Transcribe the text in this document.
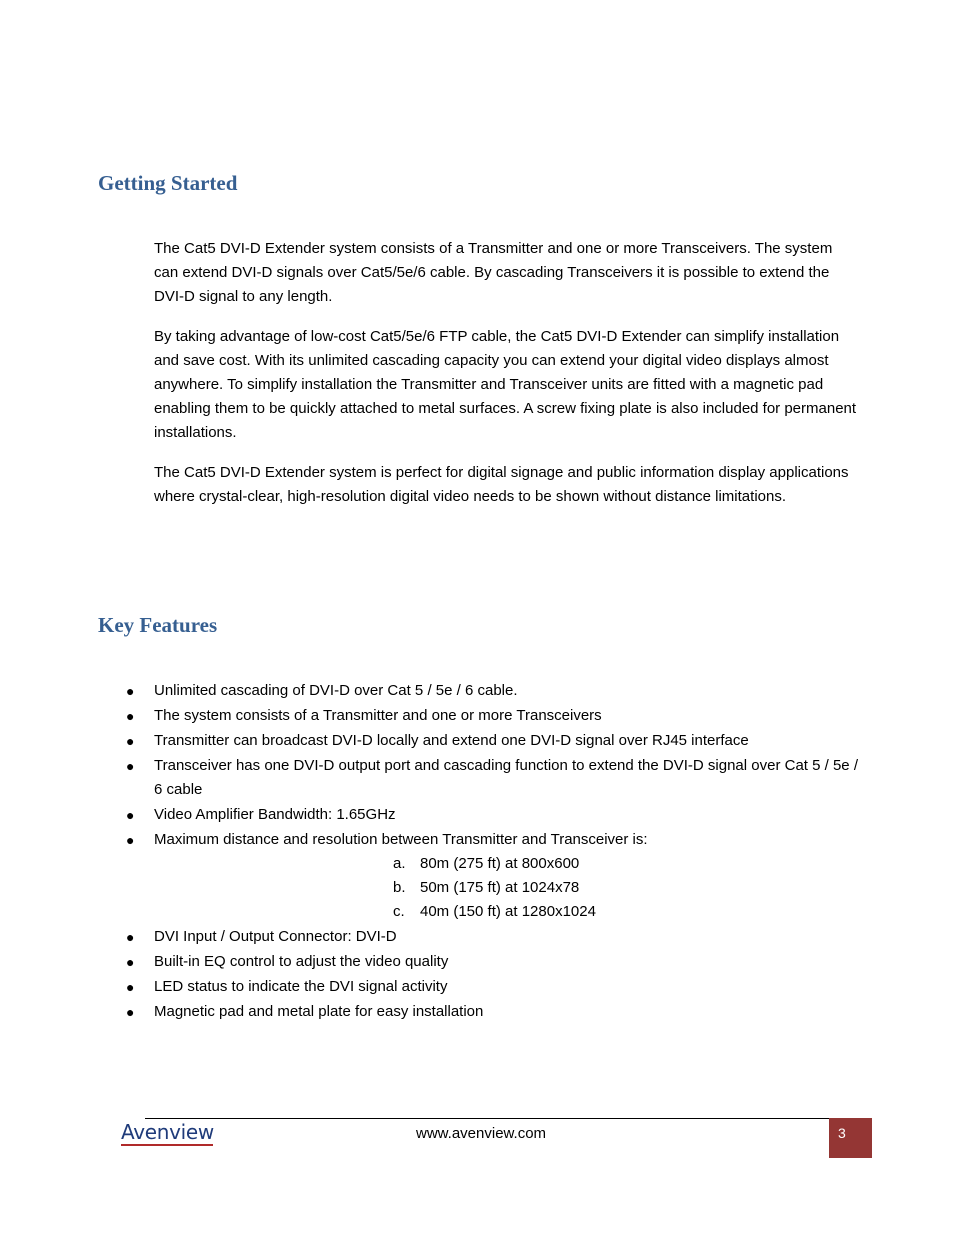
Getting Started

The Cat5 DVI-D Extender system consists of a Transmitter and one or more Transceivers. The system can extend DVI-D signals over Cat5/5e/6 cable. By cascading Transceivers it is possible to extend the DVI-D signal to any length.

By taking advantage of low-cost Cat5/5e/6 FTP cable, the Cat5 DVI-D Extender can simplify installation and save cost. With its unlimited cascading capacity you can extend your digital video displays almost anywhere. To simplify installation the Transmitter and Transceiver units are fitted with a magnetic pad enabling them to be quickly attached to metal surfaces. A screw fixing plate is also included for permanent installations.

The Cat5 DVI-D Extender system is perfect for digital signage and public information display applications where crystal-clear, high-resolution digital video needs to be shown without distance limitations.

Key Features
● Unlimited cascading of DVI-D over Cat 5 / 5e / 6 cable.
● The system consists of a Transmitter and one or more Transceivers
● Transmitter can broadcast DVI-D locally and extend one DVI-D signal over RJ45 interface
● Transceiver has one DVI-D output port and cascading function to extend the DVI-D signal over Cat 5 / 5e / 6 cable
● Video Amplifier Bandwidth: 1.65GHz
● Maximum distance and resolution between Transmitter and Transceiver is:
a. 80m (275 ft) at 800x600
b. 50m (175 ft) at 1024x78
c. 40m (150 ft) at 1280x1024
● DVI Input / Output Connector: DVI-D
● Built-in EQ control to adjust the video quality
● LED status to indicate the DVI signal activity
● Magnetic pad and metal plate for easy installation
Avenview	www.avenview.com	3
